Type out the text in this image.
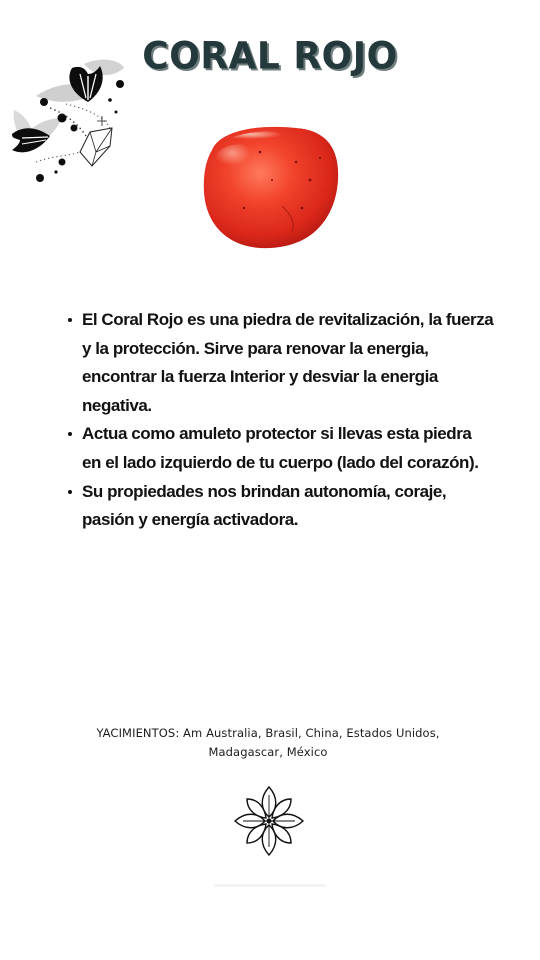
CORAL ROJO
El Coral Rojo es una piedra de revitalización, la fuerza y la protección. Sirve para renovar la energia, encontrar la fuerza Interior y desviar la energia negativa.
Actua como amuleto protector si llevas esta piedra en el lado izquierdo de tu cuerpo (lado del corazón).
Su propiedades nos brindan autonomía, coraje, pasión y energía activadora.
YACIMIENTOS: Am Australia, Brasil, China, Estados Unidos,
Madagascar, México
